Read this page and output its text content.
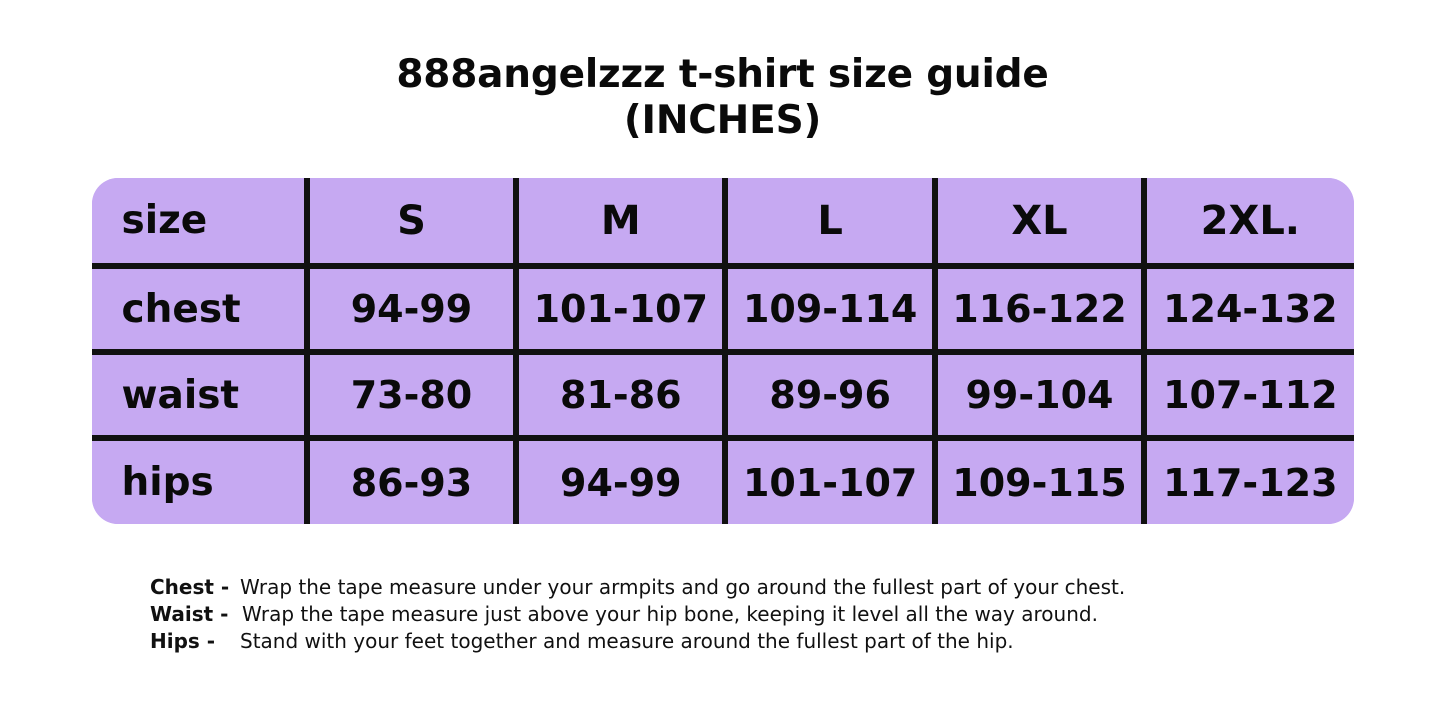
888angelzzz t-shirt size guide
(INCHES)
size	S	M	L	XL	2XL.
chest	94-99	101-107	109-114	116-122	124-132
waist	73-80	81-86	89-96	99-104	107-112
hips	86-93	94-99	101-107	109-115	117-123
Chest - Wrap the tape measure under your armpits and go around the fullest part of your chest.
Waist - Wrap the tape measure just above your hip bone, keeping it level all the way around.
Hips - Stand with your feet together and measure around the fullest part of the hip.
